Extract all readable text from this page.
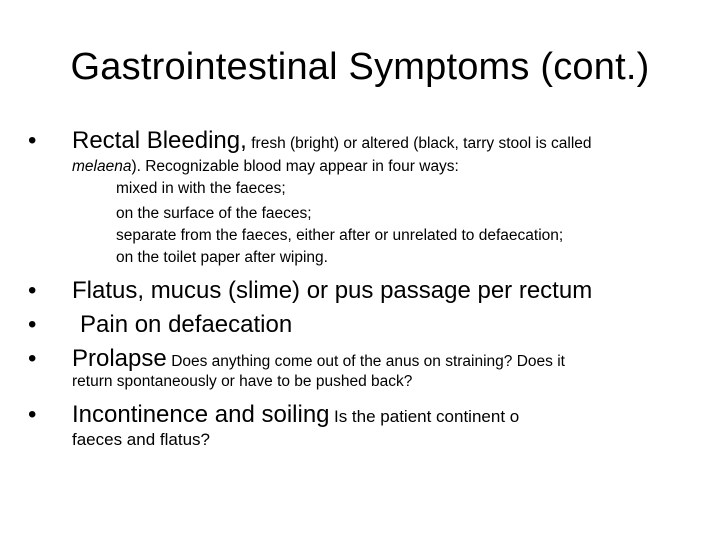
Gastrointestinal Symptoms (cont.)
• Rectal Bleeding, fresh (bright) or altered (black, tarry stool is called
melaena). Recognizable blood may appear in four ways:
mixed in with the faeces;
on the surface of the faeces;
separate from the faeces, either after or unrelated to defaecation;
on the toilet paper after wiping.
• Flatus, mucus (slime) or pus passage per rectum
• Pain on defaecation
• Prolapse Does anything come out of the anus on straining? Does it
return spontaneously or have to be pushed back?
• Incontinence and soiling Is the patient continent o
faeces and flatus?
